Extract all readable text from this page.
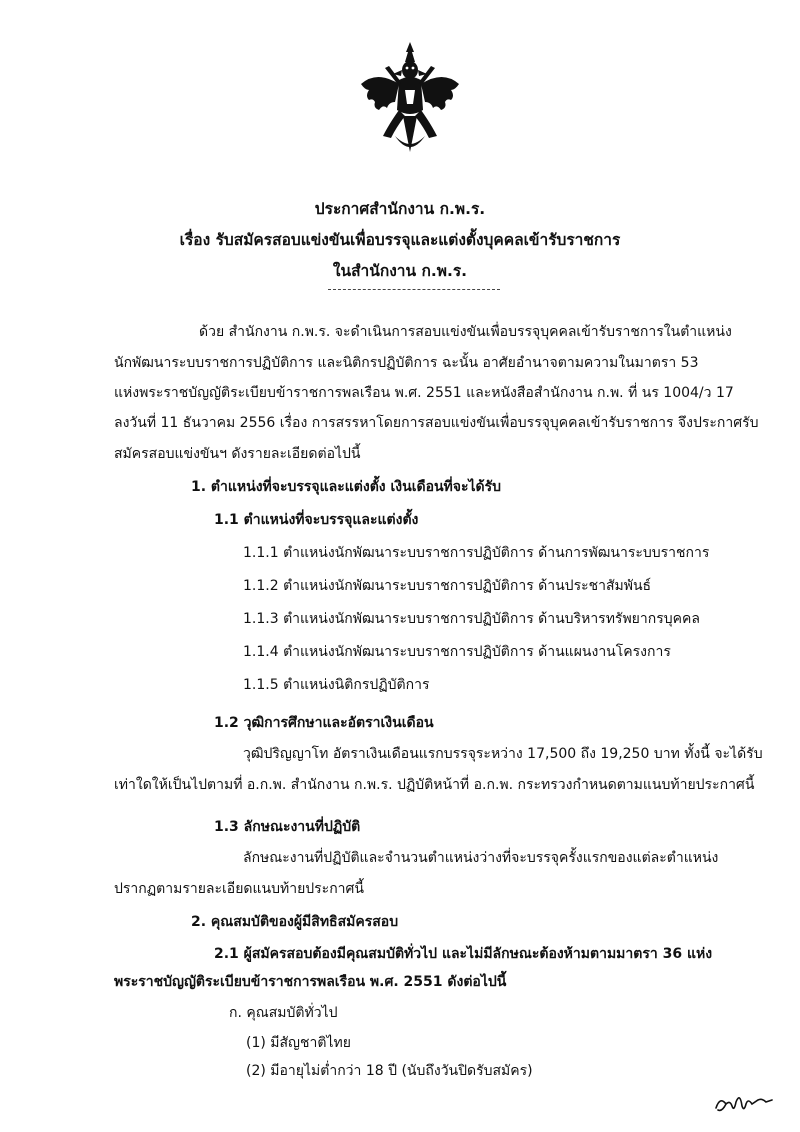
ประกาศสำนักงาน ก.พ.ร.
เรื่อง รับสมัครสอบแข่งขันเพื่อบรรจุและแต่งตั้งบุคคลเข้ารับราชการ
ในสำนักงาน ก.พ.ร.
ด้วย สำนักงาน ก.พ.ร. จะดำเนินการสอบแข่งขันเพื่อบรรจุบุคคลเข้ารับราชการในตำแหน่ง
นักพัฒนาระบบราชการปฏิบัติการ และนิติกรปฏิบัติการ ฉะนั้น อาศัยอำนาจตามความในมาตรา 53
แห่งพระราชบัญญัติระเบียบข้าราชการพลเรือน พ.ศ. 2551 และหนังสือสำนักงาน ก.พ. ที่ นร 1004/ว 17
ลงวันที่ 11 ธันวาคม 2556 เรื่อง การสรรหาโดยการสอบแข่งขันเพื่อบรรจุบุคคลเข้ารับราชการ จึงประกาศรับ
สมัครสอบแข่งขันฯ ดังรายละเอียดต่อไปนี้
1. ตำแหน่งที่จะบรรจุและแต่งตั้ง เงินเดือนที่จะได้รับ
1.1 ตำแหน่งที่จะบรรจุและแต่งตั้ง
1.1.1 ตำแหน่งนักพัฒนาระบบราชการปฏิบัติการ ด้านการพัฒนาระบบราชการ
1.1.2 ตำแหน่งนักพัฒนาระบบราชการปฏิบัติการ ด้านประชาสัมพันธ์
1.1.3 ตำแหน่งนักพัฒนาระบบราชการปฏิบัติการ ด้านบริหารทรัพยากรบุคคล
1.1.4 ตำแหน่งนักพัฒนาระบบราชการปฏิบัติการ ด้านแผนงานโครงการ
1.1.5 ตำแหน่งนิติกรปฏิบัติการ
1.2 วุฒิการศึกษาและอัตราเงินเดือน
วุฒิปริญญาโท อัตราเงินเดือนแรกบรรจุระหว่าง 17,500 ถึง 19,250 บาท ทั้งนี้ จะได้รับ
เท่าใดให้เป็นไปตามที่ อ.ก.พ. สำนักงาน ก.พ.ร. ปฏิบัติหน้าที่ อ.ก.พ. กระทรวงกำหนดตามแนบท้ายประกาศนี้
1.3 ลักษณะงานที่ปฏิบัติ
ลักษณะงานที่ปฏิบัติและจำนวนตำแหน่งว่างที่จะบรรจุครั้งแรกของแต่ละตำแหน่ง
ปรากฏตามรายละเอียดแนบท้ายประกาศนี้
2. คุณสมบัติของผู้มีสิทธิสมัครสอบ
2.1 ผู้สมัครสอบต้องมีคุณสมบัติทั่วไป และไม่มีลักษณะต้องห้ามตามมาตรา 36 แห่ง
พระราชบัญญัติระเบียบข้าราชการพลเรือน พ.ศ. 2551 ดังต่อไปนี้
ก. คุณสมบัติทั่วไป
(1) มีสัญชาติไทย
(2) มีอายุไม่ต่ำกว่า 18 ปี (นับถึงวันปิดรับสมัคร)
